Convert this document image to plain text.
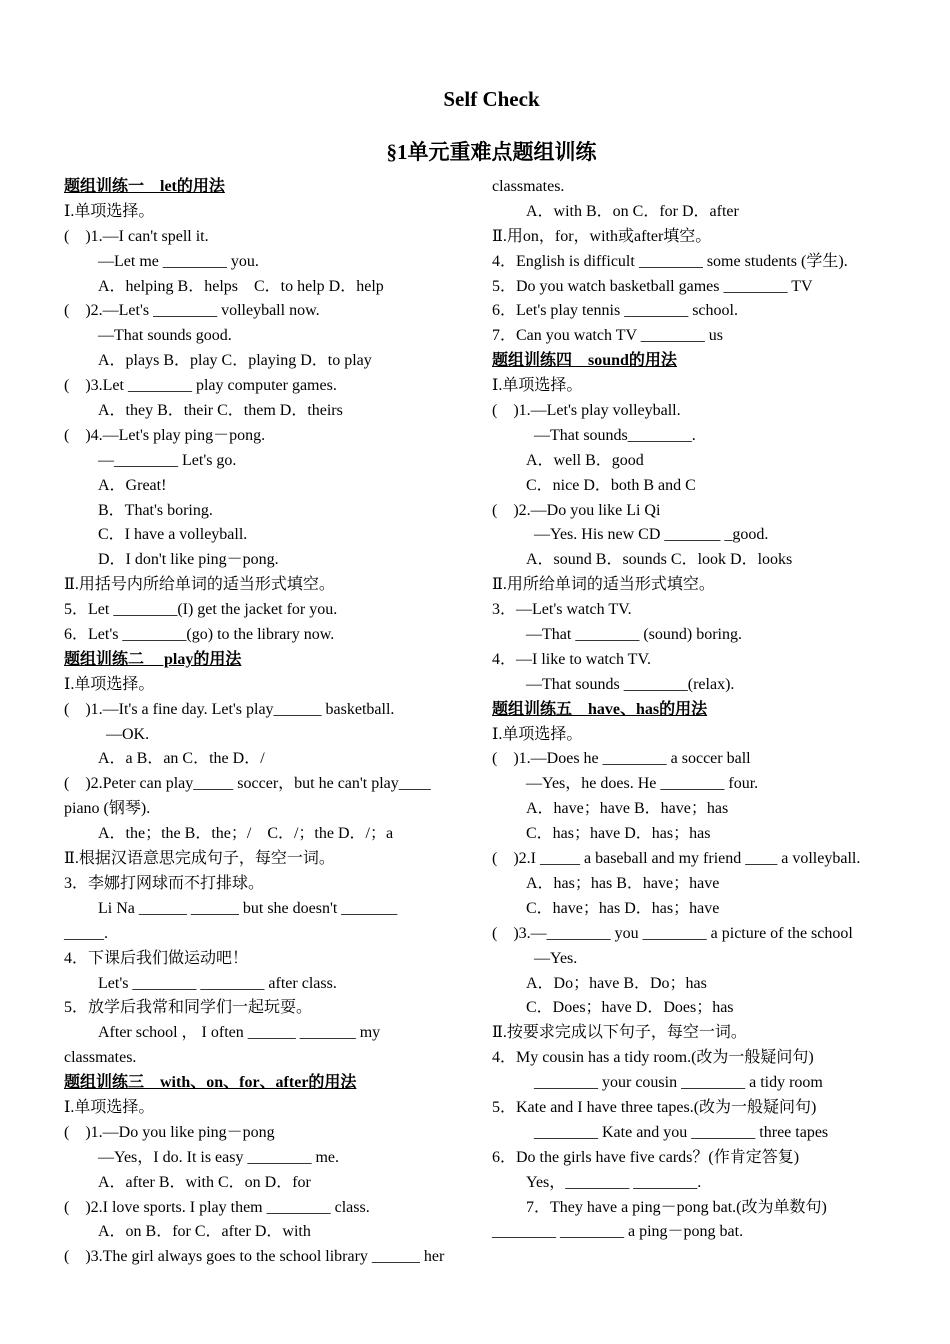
Self Check
§1单元重难点题组训练
题组训练一　let的用法
Ⅰ.单项选择。
(　)1.—I can't spell it.
—Let me ________ you.
A．helping B．helps　C．to help D．help
(　)2.—Let's ________ volleyball now.
—That sounds good.
A．plays B．play C．playing D．to play
(　)3.Let ________ play computer games.
A．they B．their C．them D．theirs
(　)4.—Let's play ping－pong.
—________ Let's go.
A．Great!
B．That's boring.
C．I have a volleyball.
D．I don't like ping－pong.
Ⅱ.用括号内所给单词的适当形式填空。
5．Let ________(I) get the jacket for you.
6．Let's ________(go) to the library now.
题组训练二　 play的用法
Ⅰ.单项选择。
(　)1.—It's a fine day. Let's play______ basketball.
—OK.
A．a B．an C．the D．/
(　)2.Peter can play_____ soccer，but he can't play____
piano (钢琴).
A．the；the B．the；/　C．/；the D．/；a
Ⅱ.根据汉语意思完成句子，每空一词。
3．李娜打网球而不打排球。
Li Na ______ ______ but she doesn't _______
_____.
4．下课后我们做运动吧！
Let's ________ ________ after class.
5．放学后我常和同学们一起玩耍。
After school ， I often ______ _______ my
classmates.
题组训练三　with、on、for、after的用法
Ⅰ.单项选择。
(　)1.—Do you like ping－pong
—Yes，I do. It is easy ________ me.
A．after B．with C．on D．for
(　)2.I love sports. I play them ________ class.
A．on B．for C．after D．with
(　)3.The girl always goes to the school library ______ her
classmates.
A．with B．on C．for D．after
Ⅱ.用on，for，with或after填空。
4．English is difficult ________ some students (学生).
5．Do you watch basketball games ________ TV
6．Let's play tennis ________ school.
7．Can you watch TV ________ us
题组训练四　sound的用法
Ⅰ.单项选择。
(　)1.—Let's play volleyball.
—That sounds________.
A．well B．good
C．nice D．both B and C
(　)2.—Do you like Li Qi
—Yes. His new CD _______ _good.
A．sound B．sounds C．look D．looks
Ⅱ.用所给单词的适当形式填空。
3．—Let's watch TV.
—That ________ (sound) boring.
4．—I like to watch TV.
—That sounds ________(relax).
题组训练五　have、has的用法
Ⅰ.单项选择。
(　)1.—Does he ________ a soccer ball
—Yes，he does. He ________ four.
A．have；have B．have；has
C．has；have D．has；has
(　)2.I _____ a baseball and my friend ____ a volleyball.
A．has；has B．have；have
C．have；has D．has；have
(　)3.—________ you ________ a picture of the school
—Yes.
A．Do；have B．Do；has
C．Does；have D．Does；has
Ⅱ.按要求完成以下句子，每空一词。
4．My cousin has a tidy room.(改为一般疑问句)
________ your cousin ________ a tidy room
5．Kate and I have three tapes.(改为一般疑问句)
________ Kate and you ________ three tapes
6．Do the girls have five cards？(作肯定答复)
Yes，________ ________.
7．They have a ping－pong bat.(改为单数句)
________ ________ a ping－pong bat.
